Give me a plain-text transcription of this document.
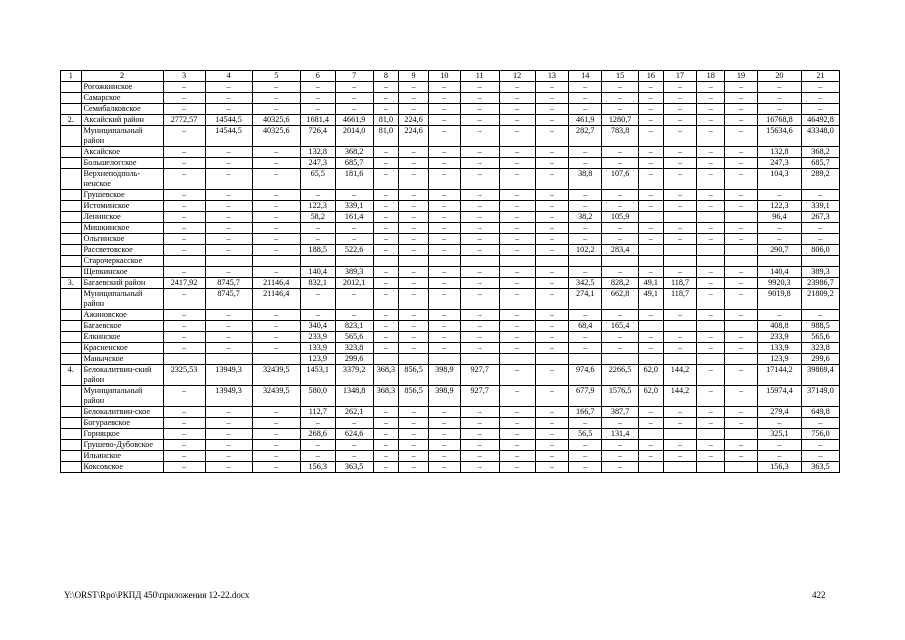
1	2	3	4	5	6	7	8	9	10	11	12	13	14	15	16	17	18	19	20	21
	Рогожкинское	–	–	–	–	–	–	–	–	–	–	–	–	–	–	–	–	–	–	–
	Самарское	–	–	–	–	–	–	–	–	–	–	–	–	–	–	–	–	–	–	–
	Семибалковское	–	–	–	–	–	–	–	–	–	–	–	–	–	–	–	–	–	–	–
2.	Аксайский район	2772,57	14544,5	40325,6	1681,4	4661,9	81,0	224,6	–	–	–	–	461,9	1280,7	–	–	–	–	16768,8	46492,8
	Муниципальный район	–	14544,5	40325,6	726,4	2014,0	81,0	224,6	–	–	–	–	282,7	783,8	–	–	–	–	15634,6	43348,0
	Аксайское	–	–	–	132,8	368,2	–	–	–	–	–	–	–	–	–	–	–	–	132,8	368,2
	Большелогское	–	–	–	247,3	685,7	–	–	–	–	–	–	–	–	–	–	–	–	247,3	685,7
	Верхнеподполь-ненское	–	–	–	65,5	181,6	–	–	–	–	–	–	38,8	107,6	–	–	–	–	104,3	289,2
	Грушевское	–	–	–	–	–	–	–	–	–	–	–	–	–	–	–	–	–	–	–
	Истоминское	–	–	–	122,3	339,1	–	–	–	–	–	–	–	–	–	–	–	–	122,3	339,1
	Ленинское	–	–	–	58,2	161,4	–	–	–	–	–	–	38,2	105,9					96,4	267,3
	Мишкинское	–	–	–	–	–	–	–	–	–	–	–	–	–	–	–	–	–	–	–
	Ольгинское	–	–	–	–	–	–	–	–	–	–	–	–	–	–	–	–	–	–	–
	Рассветовское	–	–	–	188,5	522,6	–	–	–	–	–	–	102,2	283,4					290,7	806,0
	Старочеркасское																			
	Щепкинское	–	–	–	140,4	389,3	–	–	–	–	–	–	–	–	–	–	–	–	140,4	389,3
3.	Багаевский район	2417,92	8745,7	21146,4	832,1	2012,1	–	–	–	–	–	–	342,5	828,2	49,1	118,7	–	–	9920,3	23986,7
	Муниципальный район	–	8745,7	21146,4	–	–	–	–	–	–	–	–	274,1	662,8	49,1	118,7	–	–	9019,8	21809,2
	Ажиновское	–	–	–	–	–	–	–	–	–	–	–	–	–	–	–	–	–	–	–
	Багаевское	–	–	–	340,4	823,1	–	–	–	–	–	–	68,4	165,4					408,8	988,5
	Елкинское	–	–	–	233,9	565,6	–	–	–	–	–	–	–	–	–	–	–	–	233,9	565,6
	Красненское	–	–	–	133,9	323,8	–	–	–	–	–	–	–	–	–	–	–	–	133,9	323,8
	Манычское				123,9	299,6													123,9	299,6
4.	Белокалитвин-ский район	2325,53	13949,3	32439,5	1453,1	3379,2	368,3	856,5	398,9	927,7	–	–	974,6	2266,5	62,0	144,2	–	–	17144,2	39869,4
	Муниципальный район	–	13949,3	32439,5	580,0	1348,8	368,3	856,5	398,9	927,7	–	–	677,9	1576,5	62,0	144,2	–	–	15974,4	37149,0
	Белокалитвин-ское	–	–	–	112,7	262,1	–	–	–	–	–	–	166,7	387,7	–	–	–	–	279,4	649,8
	Богураевское	–	–	–	–	–	–	–	–	–	–	–	–	–	–	–	–	–	–	–
	Горняцкое	–	–	–	268,6	624,6	–	–	–	–	–	–	56,5	131,4					325,1	756,0
	Грушево-Дубовское	–	–	–	–	–	–	–	–	–	–	–	–	–	–	–	–	–	–	–
	Ильинское	–	–	–	–	–	–	–	–	–	–	–	–	–	–	–	–	–	–	–
	Коксовское	–	–	–	156,3	363,5	–	–	–	–	–	–	–	–					156,3	363,5
Y:\ORST\Rpo\РКПД 450\приложения 12-22.docx	422
